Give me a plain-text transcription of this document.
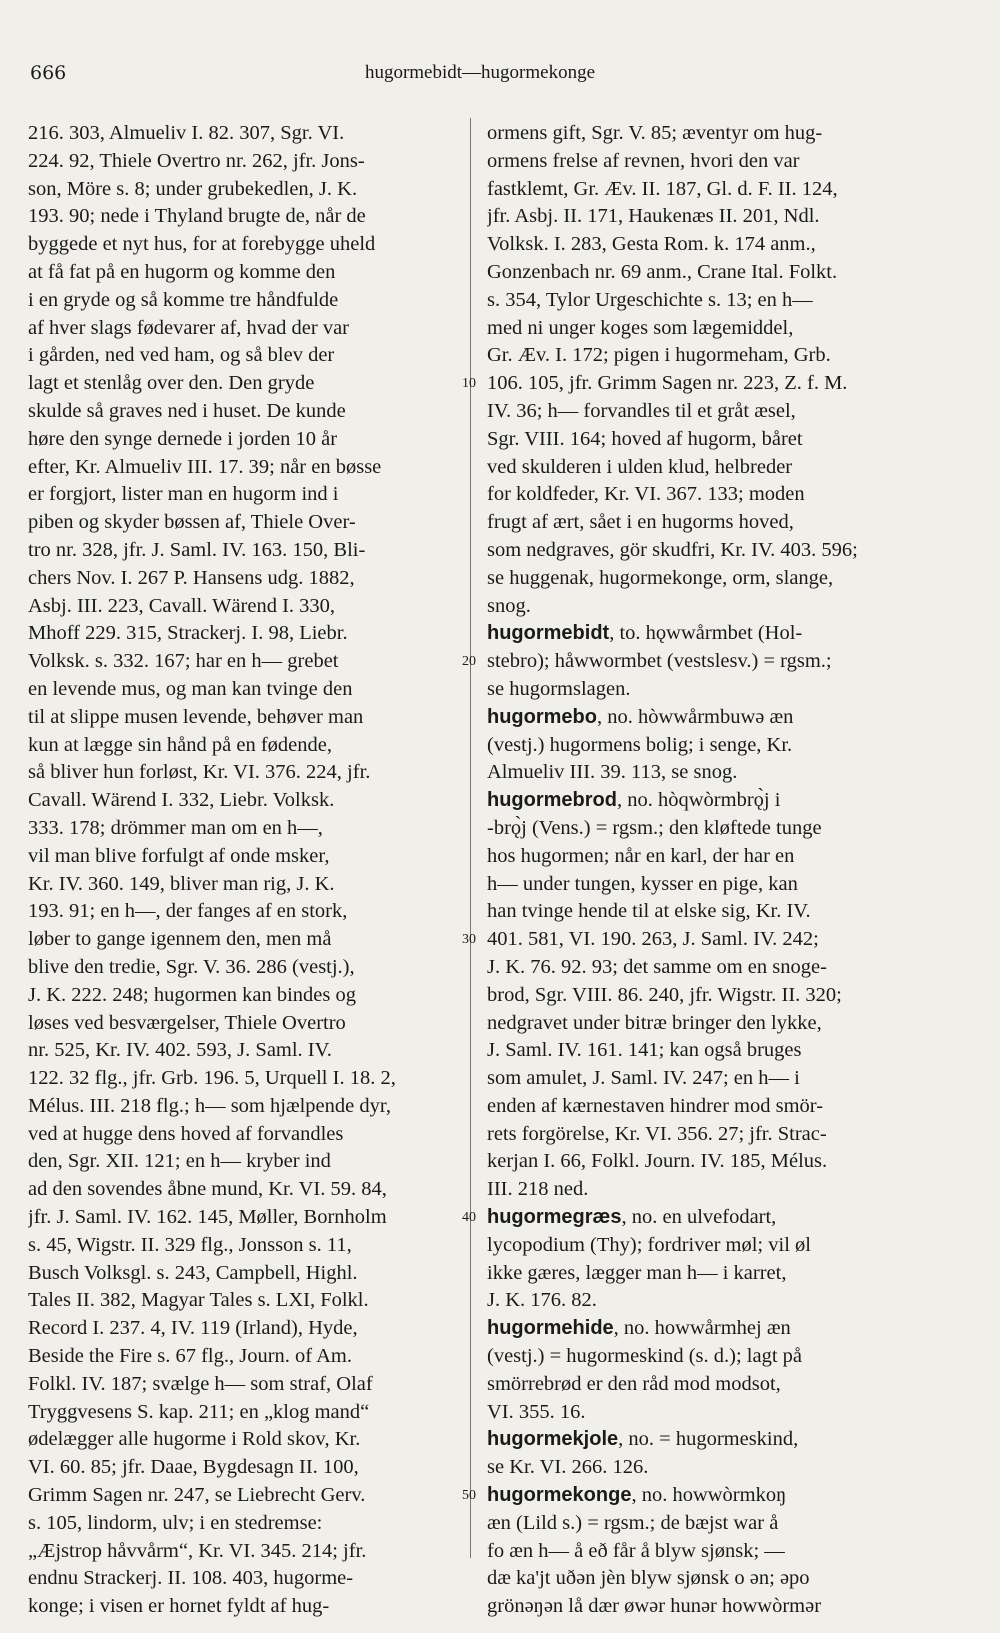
666	hugormebidt—hugormekonge
216. 303, Almueliv I. 82. 307, Sgr. VI.
224. 92, Thiele Overtro nr. 262, jfr. Jons-
son, Möre s. 8; under grubekedlen, J. K.
193. 90; nede i Thyland brugte de, når de
byggede et nyt hus, for at forebygge uheld
at få fat på en hugorm og komme den
i en gryde og så komme tre håndfulde
af hver slags fødevarer af, hvad der var
i gården, ned ved ham, og så blev der
lagt et stenlåg over den. Den gryde
skulde så graves ned i huset. De kunde
høre den synge dernede i jorden 10 år
efter, Kr. Almueliv III. 17. 39; når en bøsse
er forgjort, lister man en hugorm ind i
piben og skyder bøssen af, Thiele Over-
tro nr. 328, jfr. J. Saml. IV. 163. 150, Bli-
chers Nov. I. 267 P. Hansens udg. 1882,
Asbj. III. 223, Cavall. Wärend I. 330,
Mhoff 229. 315, Strackerj. I. 98, Liebr.
Volksk. s. 332. 167; har en h— grebet
en levende mus, og man kan tvinge den
til at slippe musen levende, behøver man
kun at lægge sin hånd på en fødende,
så bliver hun forløst, Kr. VI. 376. 224, jfr.
Cavall. Wärend I. 332, Liebr. Volksk.
333. 178; drömmer man om en h—,
vil man blive forfulgt af onde msker,
Kr. IV. 360. 149, bliver man rig, J. K.
193. 91; en h—, der fanges af en stork,
løber to gange igennem den, men må
blive den tredie, Sgr. V. 36. 286 (vestj.),
J. K. 222. 248; hugormen kan bindes og
løses ved besværgelser, Thiele Overtro
nr. 525, Kr. IV. 402. 593, J. Saml. IV.
122. 32 flg., jfr. Grb. 196. 5, Urquell I. 18. 2,
Mélus. III. 218 flg.; h— som hjælpende dyr,
ved at hugge dens hoved af forvandles
den, Sgr. XII. 121; en h— kryber ind
ad den sovendes åbne mund, Kr. VI. 59. 84,
jfr. J. Saml. IV. 162. 145, Møller, Bornholm
s. 45, Wigstr. II. 329 flg., Jonsson s. 11,
Busch Volksgl. s. 243, Campbell, Highl.
Tales II. 382, Magyar Tales s. LXI, Folkl.
Record I. 237. 4, IV. 119 (Irland), Hyde,
Beside the Fire s. 67 flg., Journ. of Am.
Folkl. IV. 187; svælge h— som straf, Olaf
Tryggvesens S. kap. 211; en „klog mand“
ødelægger alle hugorme i Rold skov, Kr.
VI. 60. 85; jfr. Daae, Bygdesagn II. 100,
Grimm Sagen nr. 247, se Liebrecht Gerv.
s. 105, lindorm, ulv; i en stedremse:
„Æjstrop håvvårm“, Kr. VI. 345. 214; jfr.
endnu Strackerj. II. 108. 403, hugorme-
konge; i visen er hornet fyldt af hug-
ormens gift, Sgr. V. 85; æventyr om hug-
ormens frelse af revnen, hvori den var
fastklemt, Gr. Æv. II. 187, Gl. d. F. II. 124,
jfr. Asbj. II. 171, Haukenæs II. 201, Ndl.
Volksk. I. 283, Gesta Rom. k. 174 anm.,
Gonzenbach nr. 69 anm., Crane Ital. Folkt.
s. 354, Tylor Urgeschichte s. 13; en h—
med ni unger koges som lægemiddel,
Gr. Æv. I. 172; pigen i hugormeham, Grb.
106. 105, jfr. Grimm Sagen nr. 223, Z. f. M.
IV. 36; h— forvandles til et gråt æsel,
Sgr. VIII. 164; hoved af hugorm, båret
ved skulderen i ulden klud, helbreder
for koldfeder, Kr. VI. 367. 133; moden
frugt af ært, sået i en hugorms hoved,
som nedgraves, gör skudfri, Kr. IV. 403. 596;
se huggenak, hugormekonge, orm, slange,
snog.
hugormebidt, to. hǫwwårmbet (Hol-
stebro); håwwormbet (vestslesv.) = rgsm.;
se hugormslagen.
hugormebo, no. hòwwårmbuwə æn
(vestj.) hugormens bolig; i senge, Kr.
Almueliv III. 39. 113, se snog.
hugormebrod, no. hòqwòrmbrǫ̀j i
-brǫ̀j (Vens.) = rgsm.; den kløftede tunge
hos hugormen; når en karl, der har en
h— under tungen, kysser en pige, kan
han tvinge hende til at elske sig, Kr. IV.
401. 581, VI. 190. 263, J. Saml. IV. 242;
J. K. 76. 92. 93; det samme om en snoge-
brod, Sgr. VIII. 86. 240, jfr. Wigstr. II. 320;
nedgravet under bitræ bringer den lykke,
J. Saml. IV. 161. 141; kan også bruges
som amulet, J. Saml. IV. 247; en h— i
enden af kærnestaven hindrer mod smör-
rets forgörelse, Kr. VI. 356. 27; jfr. Strac-
kerjan I. 66, Folkl. Journ. IV. 185, Mélus.
III. 218 ned.
hugormegræs, no. en ulvefodart,
lycopodium (Thy); fordriver møl; vil øl
ikke gæres, lægger man h— i karret,
J. K. 176. 82.
hugormehide, no. howwårmhej æn
(vestj.) = hugormeskind (s. d.); lagt på
smörrebrød er den råd mod modsot,
VI. 355. 16.
hugormekjole, no. = hugormeskind,
se Kr. VI. 266. 126.
hugormekonge, no. howwòrmkoŋ
æn (Lild s.) = rgsm.; de bæjst war å
fo æn h— å eð får å blyw sjønsk; —
dæ ka'jt uðən jèn blyw sjønsk o ən; əpo
grönəŋən lå dær øwər hunər howwòrmər
10
20
30
40
50
